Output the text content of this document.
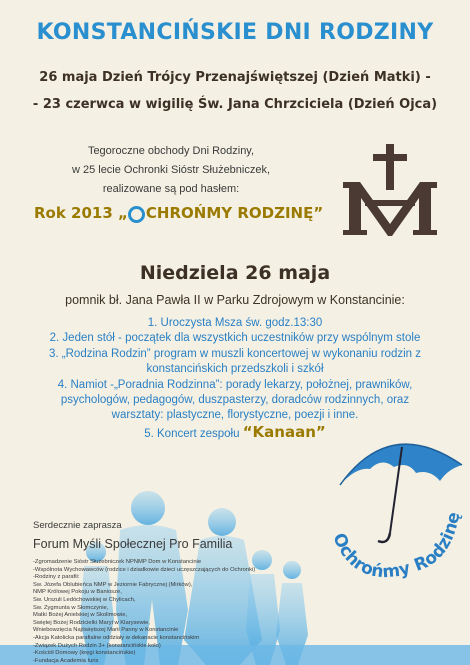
KONSTANCIŃSKIE DNI RODZINY
26 maja Dzień Trójcy Przenajświętszej (Dzień Matki) -
- 23 czerwca w wigilię Św. Jana Chrzciciela (Dzień Ojca)
Tegoroczne obchody Dni Rodziny,
w 25 lecie Ochronki Sióstr Służebniczek,
realizowane są pod hasłem:
Rok 2013 „ CHROŃMY RODZINĘ”
Niedziela 26 maja
pomnik bł. Jana Pawła II w Parku Zdrojowym w Konstancinie:
Ochrońmy Rodzinę
1. Uroczysta Msza św. godz.13:30
2. Jeden stół - początek dla wszystkich uczestników przy wspólnym stole
3. „Rodzina Rodzin” program w muszli koncertowej w wykonaniu rodzin z konstancińskich przedszkoli i szkół
4. Namiot -„Poradnia Rodzinna”: porady lekarzy, położnej, prawników, psychologów, pedagogów, duszpasterzy, doradców rodzinnych, oraz warsztaty: plastyczne, florystyczne, poezji i inne.
5. Koncert zespołu “Kanaan”
Serdecznie zaprasza
Forum Myśli Społecznej Pro Familia
-Zgromadzenie Sióstr Służebniczek NPNMP Dom w Konstancinie
-Wspólnota Wychowawców (rodzice i dziadkowie dzieci uczęszczających do Ochronki)
-Rodziny z parafii:
Św. Józefa Oblubieńca NMP w Jeziornie Fabrycznej (Mirków),
NMP Królowej Pokoju w Baniosze,
Św. Urszuli Ledóchowskiej w Chylicach,
Św. Zygmunta w Słomczynie,
Matki Bożej Anielskiej w Skolimowie,
Świętej Bożej Rodzicielki Maryi w Klarysewie,
Wniebowzięcia Najświętszej Marii Panny w Konstancinie
-Akcja Katolicka parafialne oddziały w dekanacie konstancińskim
-Związek Dużych Rodzin 3+ (konstancińskie koło)
-Kościół Domowy (kręgi konstancińskie)
-Fundacja Academia Iuris
